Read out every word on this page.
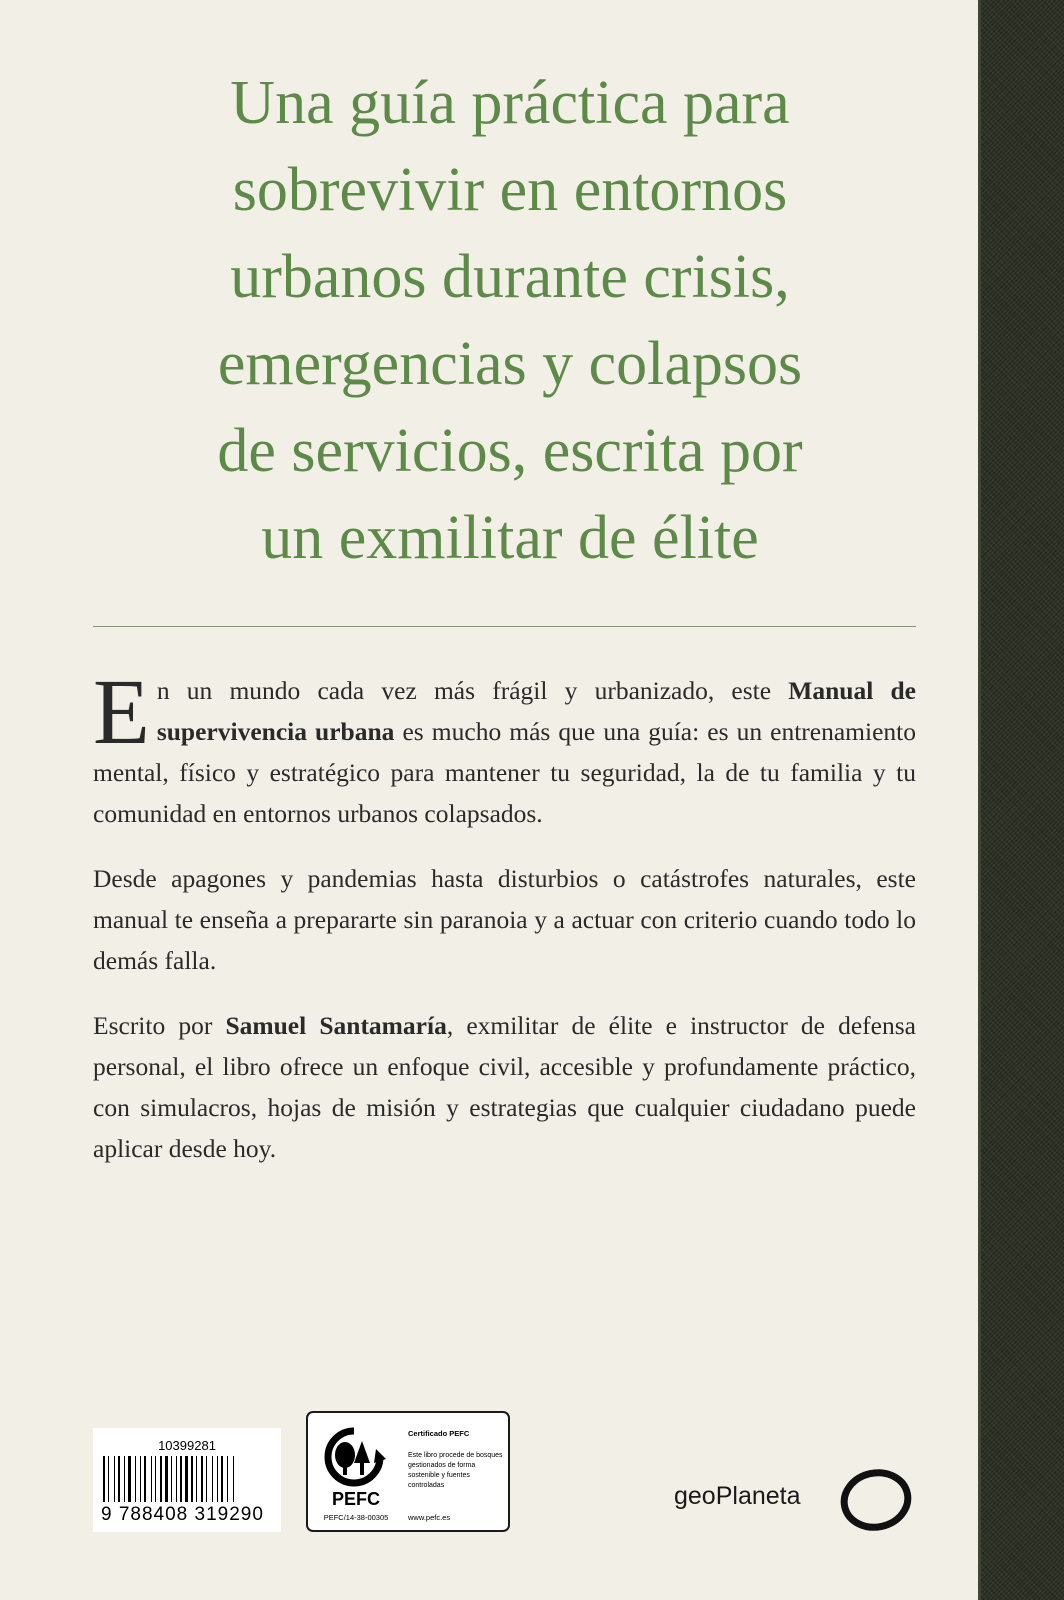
Una guía práctica para
sobrevivir en entornos
urbanos durante crisis,
emergencias y colapsos
de servicios, escrita por
un exmilitar de élite

En un mundo cada vez más frágil y urbanizado, este Manual de supervivencia urbana es mucho más que una guía: es un entrenamiento mental, físico y estratégico para mantener tu seguridad, la de tu familia y tu comunidad en entornos urbanos colapsados.

Desde apagones y pandemias hasta disturbios o catástrofes naturales, este manual te enseña a prepararte sin paranoia y a actuar con criterio cuando todo lo demás falla.

Escrito por Samuel Santamaría, exmilitar de élite e instructor de defensa personal, el libro ofrece un enfoque civil, accesible y profundamente práctico, con simulacros, hojas de misión y estrategias que cualquier ciudadano puede aplicar desde hoy.

10399281
9 788408 319290
PEFC
PEFC/14-38-00305
Certificado PEFC
Este libro procede de bosques gestionados de forma sostenible y fuentes controladas
www.pefc.es
geoPlaneta
